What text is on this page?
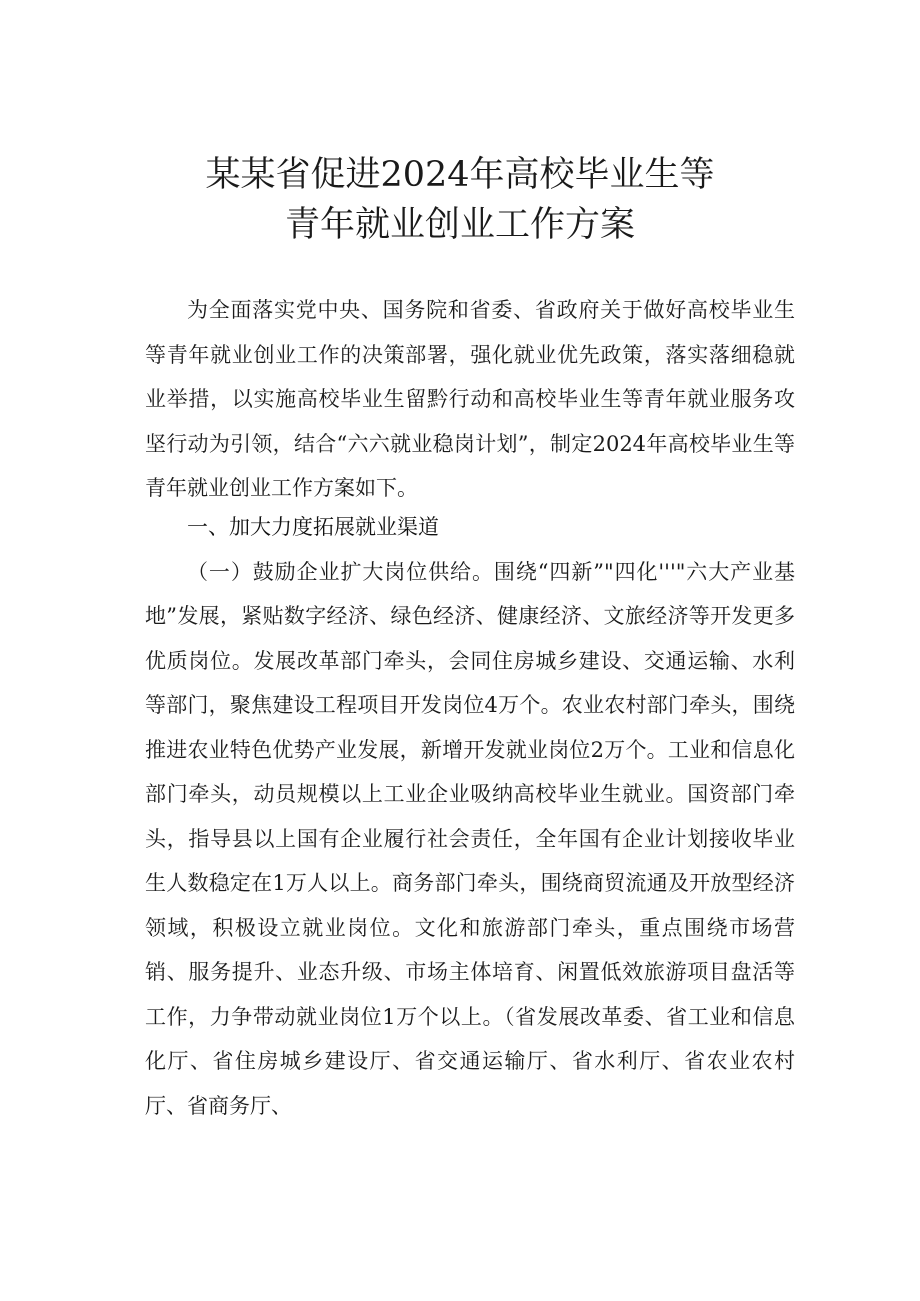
某某省促进2024年高校毕业生等
青年就业创业工作方案

为全面落实党中央、国务院和省委、省政府关于做好高校毕业生等青年就业创业工作的决策部署，强化就业优先政策，落实落细稳就业举措，以实施高校毕业生留黔行动和高校毕业生等青年就业服务攻坚行动为引领，结合“六六就业稳岗计划”，制定2024年高校毕业生等青年就业创业工作方案如下。

一、加大力度拓展就业渠道

（一）鼓励企业扩大岗位供给。围绕“四新”"四化'''"六大产业基地”发展，紧贴数字经济、绿色经济、健康经济、文旅经济等开发更多优质岗位。发展改革部门牵头，会同住房城乡建设、交通运输、水利等部门，聚焦建设工程项目开发岗位4万个。农业农村部门牵头，围绕推进农业特色优势产业发展，新增开发就业岗位2万个。工业和信息化部门牵头，动员规模以上工业企业吸纳高校毕业生就业。国资部门牵头，指导县以上国有企业履行社会责任，全年国有企业计划接收毕业生人数稳定在1万人以上。商务部门牵头，围绕商贸流通及开放型经济领域，积极设立就业岗位。文化和旅游部门牵头，重点围绕市场营销、服务提升、业态升级、市场主体培育、闲置低效旅游项目盘活等工作，力争带动就业岗位1万个以上。（省发展改革委、省工业和信息化厅、省住房城乡建设厅、省交通运输厅、省水利厅、省农业农村厅、省商务厅、
